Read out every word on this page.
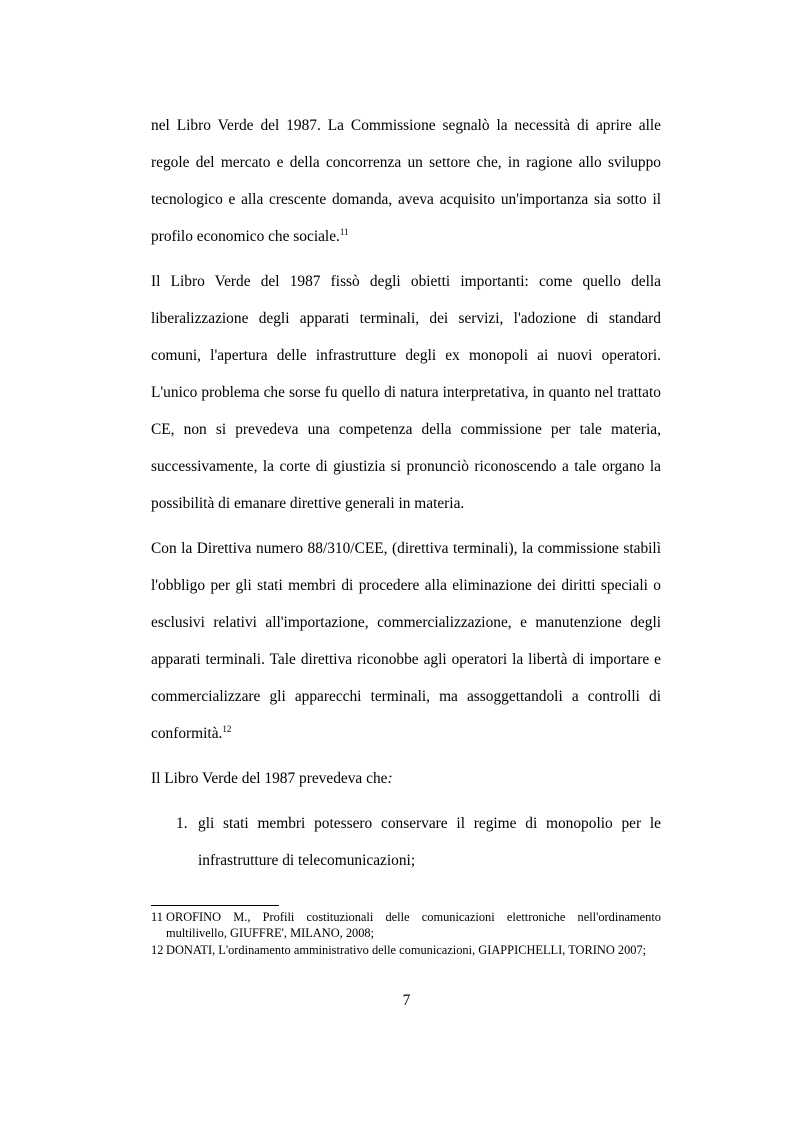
nel Libro Verde del 1987. La Commissione segnalò la necessità di aprire alle regole del mercato e della concorrenza un settore che, in ragione allo sviluppo tecnologico e alla crescente domanda, aveva acquisito un'importanza sia sotto il profilo economico che sociale.$^{11}$

Il Libro Verde del 1987 fissò degli obietti importanti: come quello della liberalizzazione degli apparati terminali, dei servizi, l'adozione di standard comuni, l'apertura delle infrastrutture degli ex monopoli ai nuovi operatori. L'unico problema che sorse fu quello di natura interpretativa, in quanto nel trattato CE, non si prevedeva una competenza della commissione per tale materia, successivamente, la corte di giustizia si pronunciò riconoscendo a tale organo la possibilità di emanare direttive generali in materia.

Con la Direttiva numero 88/310/CEE, (direttiva terminali), la commissione stabilì l'obbligo per gli stati membri di procedere alla eliminazione dei diritti speciali o esclusivi relativi all'importazione, commercializzazione, e manutenzione degli apparati terminali. Tale direttiva riconobbe agli operatori la libertà di importare e commercializzare gli apparecchi terminali, ma assoggettandoli a controlli di conformità.$^{12}$

Il Libro Verde del 1987 prevedeva che:

1. gli stati membri potessero conservare il regime di monopolio per le infrastrutture di telecomunicazioni;

11 OROFINO M., Profili costituzionali delle comunicazioni elettroniche nell'ordinamento multilivello, GIUFFRE', MILANO, 2008;

12 DONATI, L'ordinamento amministrativo delle comunicazioni, GIAPPICHELLI, TORINO 2007;

7
